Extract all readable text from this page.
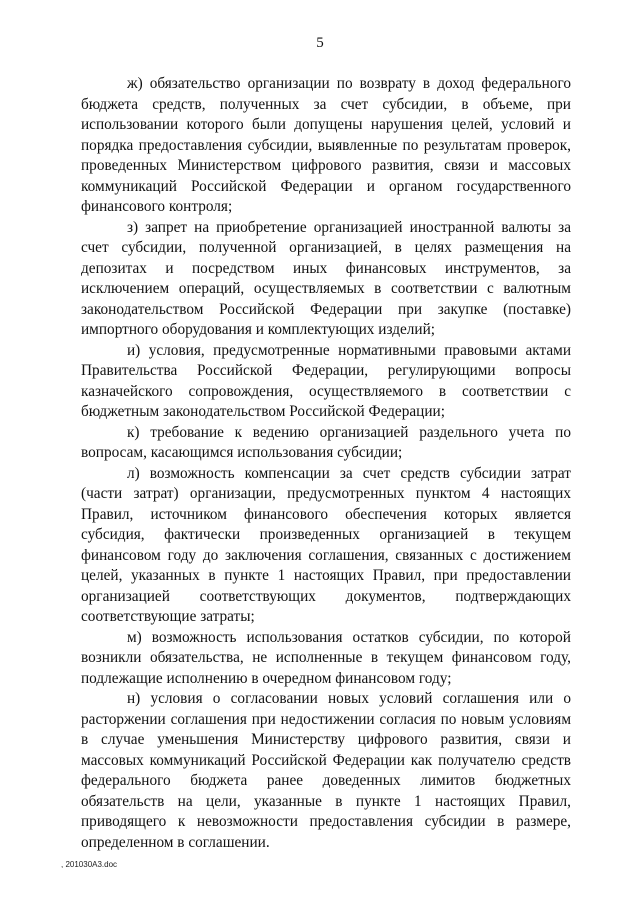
5

ж) обязательство организации по возврату в доход федерального бюджета средств, полученных за счет субсидии, в объеме, при использовании которого были допущены нарушения целей, условий и порядка предоставления субсидии, выявленные по результатам проверок, проведенных Министерством цифрового развития, связи и массовых коммуникаций Российской Федерации и органом государственного финансового контроля;

з) запрет на приобретение организацией иностранной валюты за счет субсидии, полученной организацией, в целях размещения на депозитах и посредством иных финансовых инструментов, за исключением операций, осуществляемых в соответствии с валютным законодательством Российской Федерации при закупке (поставке) импортного оборудования и комплектующих изделий;

и) условия, предусмотренные нормативными правовыми актами Правительства Российской Федерации, регулирующими вопросы казначейского сопровождения, осуществляемого в соответствии с бюджетным законодательством Российской Федерации;

к) требование к ведению организацией раздельного учета по вопросам, касающимся использования субсидии;

л) возможность компенсации за счет средств субсидии затрат (части затрат) организации, предусмотренных пунктом 4 настоящих Правил, источником финансового обеспечения которых является субсидия, фактически произведенных организацией в текущем финансовом году до заключения соглашения, связанных с достижением целей, указанных в пункте 1 настоящих Правил, при предоставлении организацией соответствующих документов, подтверждающих соответствующие затраты;

м) возможность использования остатков субсидии, по которой возникли обязательства, не исполненные в текущем финансовом году, подлежащие исполнению в очередном финансовом году;

н) условия о согласовании новых условий соглашения или о расторжении соглашения при недостижении согласия по новым условиям в случае уменьшения Министерству цифрового развития, связи и массовых коммуникаций Российской Федерации как получателю средств федерального бюджета ранее доведенных лимитов бюджетных обязательств на цели, указанные в пункте 1 настоящих Правил, приводящего к невозможности предоставления субсидии в размере, определенном в соглашении.

, 201030А3.doc
